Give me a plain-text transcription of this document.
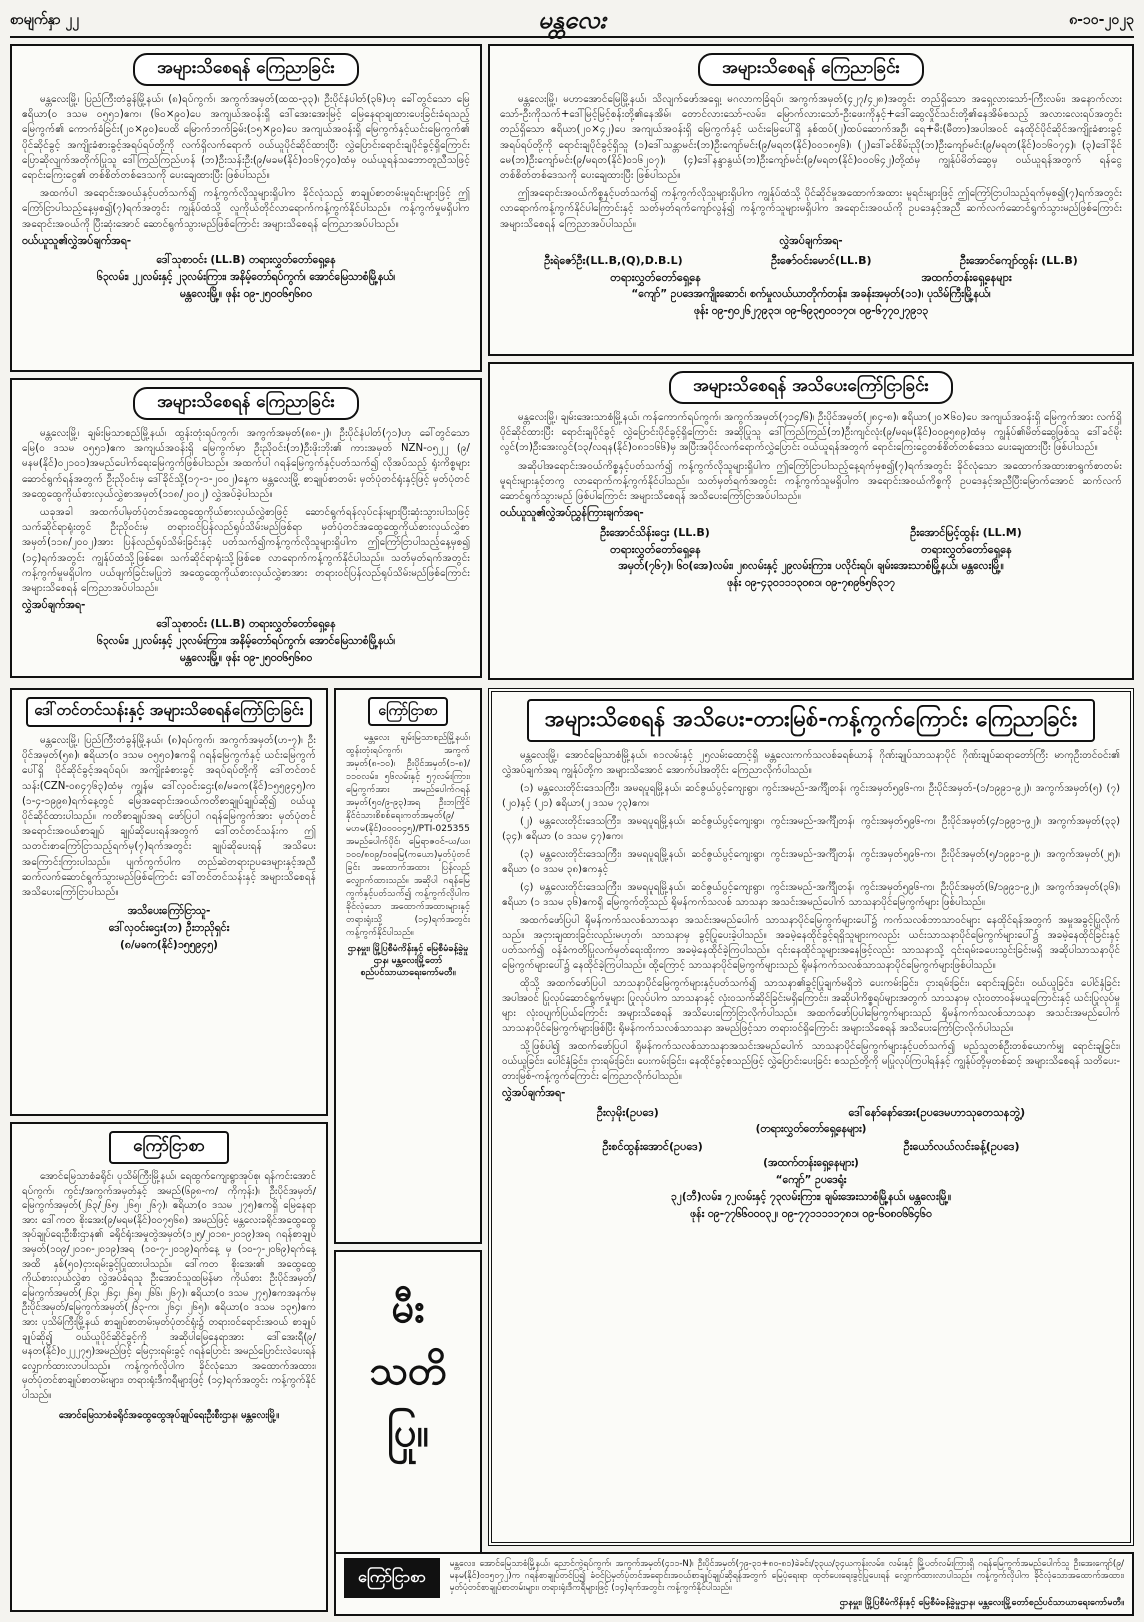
စာမျက်နှာ ၂၂	မန္တလေး	၈-၁၀-၂၀၂၃
အများသိစေရန် ကြေညာခြင်း

မန္တလေးမြို့၊ ပြည်ကြီးတံခွန်မြို့နယ်၊ (၈)ရပ်ကွက်၊ အကွက်အမှတ်(ထထ-၃၃)၊ ဦးပိုင်နံပါတ်(၃၆)ဟု ခေါ်တွင်သော မြေဧရိယာ(၀ ဒသမ ၀၅၅၁)ဧက၊ (၆၀×၉၀)ပေ အကျယ်အဝန်းရှိ ဒေါ်အေးအေးမြင့် မြေနေရာချထားပေးခြင်းခံရသည့် မြေကွက်၏ ကောက်ခံခြင်း(၂၀×၉၀)ပေထိ မြောက်ဘက်ခြမ်း(၁၅×၉၀)ပေ အကျယ်အဝန်းရှိ မြေကွက်နှင့်ယင်းမြေကွက်၏ ပိုင်ဆိုင်ခွင့် အကျိုးခံစားခွင့်အရပ်ရပ်တို့ကို လက်ရှိလက်ရောက် ဝယ်ယူပိုင်ဆိုင်ထားပြီး လွှဲပြောင်းရောင်းချပိုင်ခွင့်ရှိကြောင်း ပြောဆိုလျက်အတိုက်ပြုသူ ဒေါ်ကြည်ကြည်ဟန် (ဘ)ဦးသန်းဦး(၉/မခမ(နိုင်)၀၁၆၇၄၀)ထံမှ ဝယ်ယူရန်သဘောတူညီသဖြင့် ရောင်းကြေးငွေ၏ တစ်စိတ်တစ်ဒေသကို ပေးချေထားပြီး ဖြစ်ပါသည်။

အထက်ပါ အရောင်းအဝယ်နှင့်ပတ်သက်၍ ကန့်ကွက်လိုသူများရှိပါက ခိုင်လုံသည့် စာချုပ်စာတမ်းမူရင်းများဖြင့် ဤကြော်ငြာပါသည့်နေ့မှစ၍(၇)ရက်အတွင်း ကျွန်ုပ်ထံသို့ လူကိုယ်တိုင်လာရောက်ကန့်ကွက်နိုင်ပါသည်။ ကန့်ကွက်မှုမရှိပါက အရောင်းအဝယ်ကို ပြီးဆုံးအောင် ဆောင်ရွက်သွားမည်ဖြစ်ကြောင်း အများသိစေရန် ကြေညာအပ်ပါသည်။

ဝယ်ယူသူ၏လွှဲအပ်ချက်အရ-
ဒေါ်သုစာဝင်း (LL.B) တရားလွှတ်တော်ရှေ့နေ
၆၃လမ်း၊ ၂၂လမ်းနှင့် ၂၃လမ်းကြား၊ အနိမ့်တော်ရပ်ကွက်၊ အောင်မြေသာစံမြို့နယ်၊
မန္တလေးမြို့။ ဖုန်း ၀၉-၂၅၀၀၆၅၆၈၀
အများသိစေရန် ကြေညာခြင်း

မန္တလေးမြို့၊ မဟာအောင်မြေမြို့နယ်၊ သိလျက်ဖော်အရှေ့၊ မဂလာကခြံရပ်၊ အကွက်အမှတ်(၄၂၇/၄၂၈)အတွင်း တည်ရှိသော အရှေ့လားသော်-ကြီးလမ်း၊ အနောက်လားသော်-ဦးကိုသက်+ဒေါ်မြင့်မြင့်စန်းတို့၏နေအိမ်၊ တောင်လားသော်-လမ်း၊ မြောက်လားသော်-ဦးဖေးကိုနှင့်+ဒေါ်ဆွေလှိုင်သင်းတို့၏နေအိမ်စသည့် အလားလေးရပ်အတွင်းတည်ရှိသော ဧရိယာ(၂၀×၄၂)ပေ အကျယ်အဝန်းရှိ မြေကွက်နှင့် ယင်းမြေပေါ်ရှိ နှစ်ထပ်(၂)ထပ်ဆောက်အဦ၊ ရေ+မီး(မီတာ)အပါအဝင် နေထိုင်ပိုင်ဆိုင်အကျိုးခံစားခွင့် အရပ်ရပ်တို့ကို ရောင်းချပိုင်ခွင့်ရှိသူ (၁)ဒေါ်သန္တာမင်း(ဘ)ဦးကျော်မင်း(၉/မရတ(နိုင်)၀၀၁၈၅၆)၊ (၂)ဒေါ်ခင်စိမ်းညို(ဘ)ဦးကျော်မင်း(၉/မရတ(နိုင်)၀၁၆၀၇၄)၊ (၃)ဒေါ်ခိုင်မေ(ဘ)ဦးကျော်မင်း(၉/မရတ(နိုင်)၀၁၆၂၀၇)၊ (၄)ဒေါ်နန္ဒာနွယ်(ဘ)ဦးကျော်မင်း(၉/မရတ(နိုင်)၀၀၀၆၄၂)တို့ထံမှ ကျွန်ုပ်မိတ်ဆွေမှ ဝယ်ယူရန်အတွက် ရန်ငွေတစ်စိတ်တစ်ဒေသကို ပေးချေထားပြီး ဖြစ်ပါသည်။

ဤအရောင်းအဝယ်ကိစ္စနှင့်ပတ်သက်၍ ကန့်ကွက်လိုသူများရှိပါက ကျွန်ုပ်ထံသို့ ပိုင်ဆိုင်မှုအထောက်အထား မူရင်းများဖြင့် ဤကြော်ငြာပါသည့်ရက်မှစ၍(၇)ရက်အတွင်း လာရောက်ကန့်ကွက်နိုင်ပါကြောင်းနှင့် သတ်မှတ်ရက်ကျော်လွန်၍ ကန့်ကွက်သူများမရှိပါက အရောင်းအဝယ်ကို ဥပဒေနှင့်အညီ ဆက်လက်ဆောင်ရွက်သွားမည်ဖြစ်ကြောင်း အများသိစေရန် ကြေညာအပ်ပါသည်။

လွှဲအပ်ချက်အရ-
ဦးရဲဇော်ဦး(LL.B,(Q),D.B.L)	ဦးဇော်ဝင်းမောင်(LL.B)	ဦးအောင်ကျော်ထွန်း (LL.B)
တရားလွှတ်တော်ရှေ့နေ	အထက်တန်းရှေ့နေများ
“ကျော်” ဥပဒေအကျိုးဆောင်၊ စက်မှုလယ်ယာတိုက်တန်း၊ အခန်းအမှတ်(၁၁)၊ ပုသိမ်ကြီးမြို့နယ်၊
ဖုန်း ၀၉-၅၀၂၆၂၇၉၃၁၊ ၀၉-၆၉၃၅၀၀၁၇၀၊ ၀၉-၆၇၇၀၂၇၉၁၃
အများသိစေရန် ကြေညာခြင်း

မန္တလေးမြို့၊ ချမ်းမြသာစည်မြို့နယ်၊ ထွန်းတုံးရပ်ကွက်၊ အကွက်အမှတ်(၈၈-၂)၊ ဦးပိုင်နံပါတ်(၇၁)ဟု ခေါ်တွင်သော မြေ(၀ ဒသမ ၀၅၅၁)ဧက အကျယ်အဝန်းရှိ မြေကွက်မှာ ဦးညိုဝင်း(ဘ)ဦးဖိုးဘိုး၏ ကားအမှတ် NZN-၀၅၂၂ (၉/မနမ(နိုင်)၀၂၁၀၁)အမည်ပေါက်ရေးမြေကွက်ဖြစ်ပါသည်။ အထက်ပါ ဂရန်မြေကွက်နှင့်ပတ်သက်၍ လိုအပ်သည့် ရုံးကိစ္စများဆောင်ရွက်ရန်အတွက် ဦးညိုဝင်းမှ ဒေါ်ခိုင်သို့(၁၇-၁-၂၀၀၂)နေ့က မန္တလေးမြို့ စာချုပ်စာတမ်း မှတ်ပုံတင်ရုံးနှင့်ဖြင့် မှတ်ပုံတင်အထွေထွေကိုယ်စားလှယ်လွှဲစာအမှတ်(၁၁၈/၂၀၀၂) လွှဲအပ်ခဲ့ပါသည်။

ယခုအခါ အထက်ပါမှတ်ပုံတင်အထွေထွေကိုယ်စားလှယ်လွှဲစာဖြင့် ဆောင်ရွက်ရန်လုပ်ငန်းများပြီးဆုံးသွားပါသဖြင့် သက်ဆိုင်ရာရုံးတွင် ဦးညိုဝင်းမှ တရားဝင်ပြန်လည်ရုပ်သိမ်းမည်ဖြစ်ရာ မှတ်ပုံတင်အထွေထွေကိုယ်စားလှယ်လွှဲစာအမှတ်(၁၁၈/၂၀၀၂)အား ပြန်လည်ရုပ်သိမ်းခြင်းနှင့် ပတ်သက်၍ကန့်ကွက်လိုသူများရှိပါက ဤကြော်ငြာပါသည့်နေ့မှစ၍ (၁၄)ရက်အတွင်း ကျွန်ုပ်ထံသို့ဖြစ်စေ၊ သက်ဆိုင်ရာရုံးသို့ဖြစ်စေ လာရောက်ကန့်ကွက်နိုင်ပါသည်။ သတ်မှတ်ရက်အတွင်း ကန့်ကွက်မှုမရှိပါက ပယ်ဖျက်ခြင်းမပြုဘဲ အထွေထွေကိုယ်စားလှယ်လွှဲစာအား တရားဝင်ပြန်လည်ရုပ်သိမ်းမည်ဖြစ်ကြောင်း အများသိစေရန် ကြေညာအပ်ပါသည်။

လွှဲအပ်ချက်အရ-
ဒေါ်သုစာဝင်း (LL.B) တရားလွှတ်တော်ရှေ့နေ
၆၃လမ်း၊ ၂၂လမ်းနှင့် ၂၃လမ်းကြား၊ အနိမ့်တော်ရပ်ကွက်၊ အောင်မြေသာစံမြို့နယ်၊
မန္တလေးမြို့။ ဖုန်း ၀၉-၂၅၀၀၆၅၆၈၀
အများသိစေရန် အသိပေးကြော်ငြာခြင်း

မန္တလေးမြို့၊ ချမ်းအေးသာစံမြို့နယ်၊ ကန်ကောက်ရပ်ကွက်၊ အကွက်အမှတ်(၇၁၄/၆)၊ ဦးပိုင်အမှတ်(၂၈၄-၈)၊ ဧရိယာ(၂၀×၆၀)ပေ အကျယ်အဝန်းရှိ မြေကွက်အား လက်ရှိပိုင်ဆိုင်ထားပြီး ရောင်းချပိုင်ခွင့် လွှဲပြောင်းပိုင်ခွင့်ရှိကြောင်း အဆိုပြုသူ ဒေါ်ကြည်ကြည်(ဘ)ဦးကျင်လုံး(၉/မရမ(နိုင်)၀၀၉၅၈၉)ထံမှ ကျွန်ုပ်၏မိတ်ဆွေဖြစ်သူ ဒေါ်ခင်မိုးလွင်(ဘ)ဦးအေးလွင်(၁၃/လရန(နိုင်)၀၈၁၁၆၆)မှ အပြီးအပိုင်လက်ရောက်လွှဲပြောင်း ဝယ်ယူရန်အတွက် ရောင်းကြေးငွေတစ်စိတ်တစ်ဒေသ ပေးချေထားပြီး ဖြစ်ပါသည်။

အဆိုပါအရောင်းအဝယ်ကိစ္စနှင့်ပတ်သက်၍ ကန့်ကွက်လိုသူများရှိပါက ဤကြော်ငြာပါသည့်နေ့ရက်မှစ၍(၇)ရက်အတွင်း ခိုင်လုံသော အထောက်အထားစာရွက်စာတမ်း မူရင်းများနှင့်တကွ လာရောက်ကန့်ကွက်နိုင်ပါသည်။ သတ်မှတ်ရက်အတွင်း ကန့်ကွက်သူမရှိပါက အရောင်းအဝယ်ကိစ္စကို ဥပဒေနှင့်အညီပြီးမြောက်အောင် ဆက်လက်ဆောင်ရွက်သွားမည် ဖြစ်ပါကြောင်း အများသိစေရန် အသိပေးကြော်ငြာအပ်ပါသည်။

ဝယ်ယူသူ၏လွှဲအပ်ညွှန်ကြားချက်အရ-
ဦးအောင်သိန်းဌေး (LL.B)	ဦးအောင်မြင့်ထွန်း (LL.M)
တရားလွှတ်တော်ရှေ့နေ	တရားလွှတ်တော်ရှေ့နေ
အမှတ်(၇၆၇)၊ ၆၀(အေ)လမ်း၊ ၂၈လမ်းနှင့် ၂၉လမ်းကြား၊ ပလိုင်းရပ်၊ ချမ်းအေးသာစံမြို့နယ်၊ မန္တလေးမြို့။
ဖုန်း ၀၉-၄၃၀၁၁၁၃၀၈၁၊ ၀၉-၇၈၉၆၅၆၃၁၇
ဒေါ်တင်တင်သန်းနှင့် အများသိစေရန်ကြော်ငြာခြင်း

မန္တလေးမြို့၊ ပြည်ကြီးတံခွန်မြို့နယ်၊ (၈)ရပ်ကွက်၊ အကွက်အမှတ်(ဟ-၇)၊ ဦးပိုင်အမှတ်(၅၈)၊ ဧရိယာ(၀ ဒသမ ၀၅၅၀)ဧကရှိ ဂရန်မြေကွက်နှင့် ယင်းမြေကွက်ပေါ်ရှိ ပိုင်ဆိုင်ခွင့်အရပ်ရပ်၊ အကျိုးခံစားခွင့် အရပ်ရပ်တို့ကို ဒေါ်တင်တင်သန်း(CZN-၀၈၄၇၆၃)ထံမှ ကျွန်မ ဒေါ်လှဝင်းဌေး(၈/မခက(နိုင်)၁၅၅၉၄၅)က (၁-၄-၁၉၉၈)ရက်နေ့တွင် မြေအရောင်းအဝယ်ကတိစာချုပ်ချုပ်ဆို၍ ဝယ်ယူပိုင်ဆိုင်ထားပါသည်။ ကတိစာချုပ်အရ ဖော်ပြပါ ဂရန်မြေကွက်အား မှတ်ပုံတင်အရောင်းအဝယ်စာချုပ် ချုပ်ဆိုပေးရန်အတွက် ဒေါ်တင်တင်သန်းက ဤသတင်းစာကြော်ငြာသည့်ရက်မှ(၇)ရက်အတွင်း ချုပ်ဆိုပေးရန် အသိပေးအကြောင်းကြားပါသည်။ ပျက်ကွက်ပါက တည်ဆဲတရားဥပဒေများနှင့်အညီ ဆက်လက်ဆောင်ရွက်သွားမည်ဖြစ်ကြောင်း ဒေါ်တင်တင်သန်းနှင့် အများသိစေရန် အသိပေးကြော်ငြာပါသည်။

အသိပေးကြော်ငြာသူ-
ဒေါ်လှဝင်းဌေး(ဘ) ဦးဘညိုရှင်း
(၈/မခက(နိုင်)၁၅၅၉၄၅)
ကြော်ငြာစာ

မန္တလေး ချမ်းမြသာစည်မြို့နယ်၊ ထွန်းတုံးရပ်ကွက်၊ အကွက်အမှတ်(၈-၁၀)၊ ဦးပိုင်အမှတ်(၁-၈)/၁၁၀လမ်း၊ ၅၆လမ်းနှင့် ၅၇လမ်းကြား၊ မြေကွက်အား အမည်ပေါက်ဂရန်အမှတ်(၅၀/၉-၉၃)အရ ဦးဘကြိုင် နိုင်ငံသားစိစစ်ရေးကတ်အမှတ်(၉/မဟမ(နိုင်)၀၀၀၀၄၅)/PTI-025355 အမည်ပေါက်ပိုင်၊ မြေရာဇဝင်-ယ/ယ၊ ၁၀၀/၈၀၉/၁၀မြေ(ကယော)မှတ်ပုံတင်ခြင်း အထောက်အထား ပြန်လည်လျှောက်ထားသည်။ အဆိုပါ ဂရန်မြေကွက်နှင့်ပတ်သက်၍ ကန့်ကွက်လိုပါက ခိုင်လုံသော အထောက်အထားများနှင့် တရားရုံးသို့ (၁၄)ရက်အတွင်း ကန့်ကွက်နိုင်ပါသည်။

ဌာနမှူး၊ မြို့ပြစီမံကိန်းနှင့် မြေစီမံခန့်ခွဲမှုဌာန၊ မန္တလေးမြို့တော်စည်ပင်သာယာရေးကော်မတီ။
ကြော်ငြာစာ

အောင်မြေသာစံခရိုင်၊ ပုသိမ်ကြီးမြို့နယ်၊ ရေထွက်ကျေးရွာအုပ်စု၊ ရန်ကင်းအောင်ရပ်ကွက်၊ ကွင်း/အကွက်အမှတ်နှင့် အမည်(၆၉၈-က/ ကိုကုန်း)၊ ဦးပိုင်အမှတ်/မြေကွက်အမှတ်(၂၆၃/၂၆၅၊ ၂၆၅၊ ၂၆၇)၊ ဧရိယာ(၀ ဒသမ ၂၇၅)ဧကရှိ မြေနေရာအား ဒေါ်ကတ စိုးအေး(၉/မရမ(နိုင်)၀၀၇၅၆၈) အမည်ဖြင့် မန္တလေးခရိုင်အထွေထွေအုပ်ချုပ်ရေးဦးစီးဌာန၏ ခရိုင်ရုံးအမှုတွဲအမှတ်(၁၂၅/၂၀၁၈-၂၀၁၉)အရ ဂရန်စာချုပ်အမှတ်(၁၀၉/၂၀၁၈-၂၀၁၉)အရ (၁၀-၇-၂၀၁၉)ရက်နေ့ မှ (၁၀-၇-၂၀၆၉)ရက်နေ့အထိ နှစ်(၅၀)ငှားရမ်းခွင့်ပြုထားပါသည်။ ဒေါ်ကတ စိုးအေး၏ အထွေထွေကိုယ်စားလှယ်လွှဲစာ လွှဲအပ်ခံရသူ ဦးအောင်သူထမြန်မာ ကိုယ်စား ဦးပိုင်အမှတ်/မြေကွက်အမှတ်(၂၆၃၊ ၂၆၄၊ ၂၆၅၊ ၂၆၆၊ ၂၆၇)၊ ဧရိယာ(၀ ဒသမ ၂၇၅)ဧကအနက်မှ ဦးပိုင်အမှတ်/မြေကွက်အမှတ်(၂၆၃-က၊ ၂၆၄၊ ၂၆၅)၊ ဧရိယာ(၀ ဒသမ ၁၃၅)ဧကအား ပုသိမ်ကြီးမြို့နယ် စာချုပ်စာတမ်းမှတ်ပုံတင်ရုံး၌ တရားဝင်ရောင်းအဝယ် စာချုပ်ချုပ်ဆို၍ ဝယ်ယူပိုင်ဆိုင်ခွင့်ကို အဆိုပါမြေနေရာအား ဒေါ်အေးရီ(၉/မနတ(နိုင်)၀၂၂၂၇၅)အမည်ဖြင့် မြေငှားရမ်းခွင့် ဂရန်ပြောင်း အမည်ပြောင်းလဲပေးရန် လျှောက်ထားလာပါသည်။ ကန့်ကွက်လိုပါက ခိုင်လုံသော အထောက်အထား၊ မှတ်ပုံတင်စာချုပ်စာတမ်းများ၊ တရားရုံးဒီကရီများဖြင့် (၁၄)ရက်အတွင်း ကန့်ကွက်နိုင်ပါသည်။

အောင်မြေသာစံခရိုင်အထွေထွေအုပ်ချုပ်ရေးဦးစီးဌာန၊ မန္တလေးမြို့။
မီး
သတိ
ပြု။
အများသိစေရန် အသိပေး-တားမြစ်-ကန့်ကွက်ကြောင်း ကြေညာခြင်း

မန္တလေးမြို့၊ အောင်မြေသာစံမြို့နယ်၊ ၈၁လမ်းနှင့် ၂၅လမ်းထောင့်ရှိ မန္တလေးကက်သလစ်ခရစ်ယာန် ဂိုဏ်းချုပ်သာသနာပိုင် ဂိုဏ်းချုပ်ဆရာတော်ကြီး မာကုဦးတင်ဝင်း၏ လွှဲအပ်ချက်အရ ကျွန်ုပ်တို့က အများသိအောင် အောက်ပါအတိုင်း ကြေညာလိုက်ပါသည်။

(၁) မန္တလေးတိုင်းဒေသကြီး၊ အမရပူရမြို့နယ်၊ ဆင်ဇွယ်ပွင့်ကျေးရွာ၊ ကွင်းအမည်-အင်္ကျီတန်၊ ကွင်းအမှတ်၅၉၆-က၊ ဦးပိုင်အမှတ်-(၁/၁၉၉၁-၉၂)၊ အကွက်အမှတ်(၅) (၇) (၂၀)နှင့် (၂၁) ဧရိယာ(၂ ဒသမ ၇၃)ဧက၊

(၂) မန္တလေးတိုင်းဒေသကြီး၊ အမရပူရမြို့နယ်၊ ဆင်ဇွယ်ပွင့်ကျေးရွာ၊ ကွင်းအမည်-အင်္ကျီတန်၊ ကွင်းအမှတ်၅၉၆-က၊ ဦးပိုင်အမှတ်(၄/၁၉၉၁-၉၂)၊ အကွက်အမှတ်(၃၃) (၃၄)၊ ဧရိယာ (၀ ဒသမ ၄၇)ဧက၊

(၃) မန္တလေးတိုင်းဒေသကြီး၊ အမရပူရမြို့နယ်၊ ဆင်ဇွယ်ပွင့်ကျေးရွာ၊ ကွင်းအမည်-အင်္ကျီတန်၊ ကွင်းအမှတ်၅၉၆-က၊ ဦးပိုင်အမှတ်(၅/၁၉၉၁-၉၂)၊ အကွက်အမှတ်(၂၅)၊ ဧရိယာ (၀ ဒသမ ၃၈)ဧကနှင့်

(၄) မန္တလေးတိုင်းဒေသကြီး၊ အမရပူရမြို့နယ်၊ ဆင်ဇွယ်ပွင့်ကျေးရွာ၊ ကွင်းအမည်-အင်္ကျီတန်၊ ကွင်းအမှတ်၅၉၆-က၊ ဦးပိုင်အမှတ်(၆/၁၉၉၁-၉၂)၊ အကွက်အမှတ်(၃၆)၊ ဧရိယာ (၁ ဒသမ ၃၆)ဧကရှိ မြေကွက်တို့သည် ရိုမန်ကက်သလစ် သာသနာ အသင်းအမည်ပေါက် သာသနာပိုင်မြေကွက်များ ဖြစ်ပါသည်။

အထက်ဖော်ပြပါ ရိုမန်ကက်သလစ်သာသနာ အသင်းအမည်ပေါက် သာသနာပိုင်မြေကွက်များပေါ်၌ ကက်သလစ်ဘာသာဝင်များ နေထိုင်ရန်အတွက် အမှုအခွင့်ပြုလိုက်သည်။ အငှားချထားခြင်းလည်းမဟုတ်၊ သာသနာမှ ခွင့်ပြုပေးခဲ့ပါသည်။ အခမဲ့နေထိုင်ခွင့်ရရှိသူများကလည်း ယင်းသာသနာပိုင်မြေကွက်များပေါ်၌ အခမဲ့နေထိုင်ခြင်းနှင့်ပတ်သက်၍ ဝန်ခံကတိပြုလက်မှတ်ရေးထိုးကာ အခမဲ့နေထိုင်ခဲ့ကြပါသည်။ ၎င်းနေထိုင်သူများအနေဖြင့်လည်း သာသနာသို့ ၎င်းရမ်းခပေးသွင်းခြင်းမရှိ အဆိုပါသာသနာပိုင်မြေကွက်များပေါ်၌ နေထိုင်ခဲ့ကြပါသည်။ ထို့ကြောင့် သာသနာပိုင်မြေကွက်များသည် ရိုမန်ကက်သလစ်သာသနာပိုင်မြေကွက်များဖြစ်ပါသည်။

ထိုသို့ အထက်ဖော်ပြပါ သာသနာပိုင်မြေကွက်များနှင့်ပတ်သက်၍ သာသနာ၏ခွင့်ပြုချက်မရှိဘဲ ပေးကမ်းခြင်း၊ ငှားရမ်းခြင်း၊ ရောင်းချခြင်း၊ ဝယ်ယူခြင်း၊ ပေါင်နှံခြင်းအပါအဝင် ပြုလုပ်ဆောင်ရွက်မှုများ ပြုလုပ်ပါက သာသနာနှင့် လုံးဝသက်ဆိုင်ခြင်းမရှိကြောင်း၊ အဆိုပါကိစ္စရပ်များအတွက် သာသနာမှ လုံးဝတာဝန်မယူကြောင်းနှင့် ယင်းပြုလုပ်မှုများ လုံးဝပျက်ပြယ်ကြောင်း အများသိစေရန် အသိပေးကြော်ငြာလိုက်ပါသည်။ အထက်ဖော်ပြပါမြေကွက်များသည် ရိုမန်ကက်သလစ်သာသနာ အသင်းအမည်ပေါက် သာသနာပိုင်မြေကွက်များဖြစ်ပြီး ရိုမန်ကက်သလစ်သာသနာ အမည်ဖြင့်သာ တရားဝင်ရှိကြောင်း အများသိစေရန် အသိပေးကြော်ငြာလိုက်ပါသည်။

သို့ဖြစ်ပါ၍ အထက်ဖော်ပြပါ ရိုမန်ကက်သလစ်သာသနာအသင်းအမည်ပေါက် သာသနာပိုင်မြေကွက်များနှင့်ပတ်သက်၍ မည်သူတစ်ဦးတစ်ယောက်မျှ ရောင်းချခြင်း၊ ဝယ်ယူခြင်း၊ ပေါင်နှံခြင်း၊ ငှားရမ်းခြင်း၊ ပေးကမ်းခြင်း၊ နေထိုင်ခွင့်စသည်ဖြင့် လွှဲပြောင်းပေးခြင်း စသည်တို့ကို မပြုလုပ်ကြပါရန်နှင့် ကျွန်ုပ်တို့မှတစ်ဆင့် အများသိစေရန် သတိပေး-တားမြစ်-ကန့်ကွက်ကြောင်း ကြေညာလိုက်ပါသည်။

လွှဲအပ်ချက်အရ-
ဦးလှမိုး(ဥပဒေ)	ဒေါ်နော်နော်အေး(ဥပဒေမဟာသုတေသနဘွဲ့)
(တရားလွှတ်တော်ရှေ့နေများ)
ဦးစင်ထွန်းအောင်(ဥပဒေ)	ဦးယော်လယ်လင်းခန့်(ဥပဒေ)
(အထက်တန်းရှေ့နေများ)
“ကျော်” ဥပဒေရုံး
၃၂(ဘီ)လမ်း၊ ၇၂လမ်းနှင့် ၇၃လမ်းကြား၊ ချမ်းအေးသာစံမြို့နယ်၊ မန္တလေးမြို့။
ဖုန်း ၀၉-၇၇၆၆၀၀၀၃၂၊ ၀၉-၇၇၁၁၁၁၁၇၈၁၊ ၀၉-၆၀၈၀၆၆၄၆၀
ကြော်ငြာစာ

မန္တလေး၊ အောင်မြေသာစံမြို့နယ်၊ ညောင်ကွဲရပ်ကွက်၊ အကွက်အမှတ်(၄၁၁-N)၊ ဦးပိုင်အမှတ်(၇၉-၃၁+၈၀-၈၁)ခဲခင်း/၃၃ယ/၃၄ယကုန်းလမ်း၊ လမ်းနှင့် မြို့ပတ်လမ်းကြားရှိ ဂရန်မြေကွက်အမည်ပေါက်သူ ဦးအေးကျော်(၉/မနမ(နိုင်)၀၁၅၀၇၂)က ဂရန်စာချုပ်တင်ပြ၍ ခံဝင်ပြဲမှတ်ပုံတင်အရောင်းအဝယ်စာချုပ်ချုပ်ဆိုရန်အတွက် မြေပုံရေးရာ ထုတ်ပေးရေးခွင့်ပြုပေးရန် လျှောက်ထားလာပါသည်။ ကန့်ကွက်လိုပါက ခိုင်လုံသောအထောက်အထား၊ မှတ်ပုံတင်စာချုပ်စာတမ်းများ၊ တရားရုံးဒီကရီများဖြင့် (၁၄)ရက်အတွင်း ကန့်ကွက်နိုင်ပါသည်။

ဌာနမှူး၊ မြို့ပြစီမံကိန်းနှင့် မြေစီမံခန့်ခွဲမှုဌာန၊ မန္တလေးမြို့တော်စည်ပင်သာယာရေးကော်မတီ။
